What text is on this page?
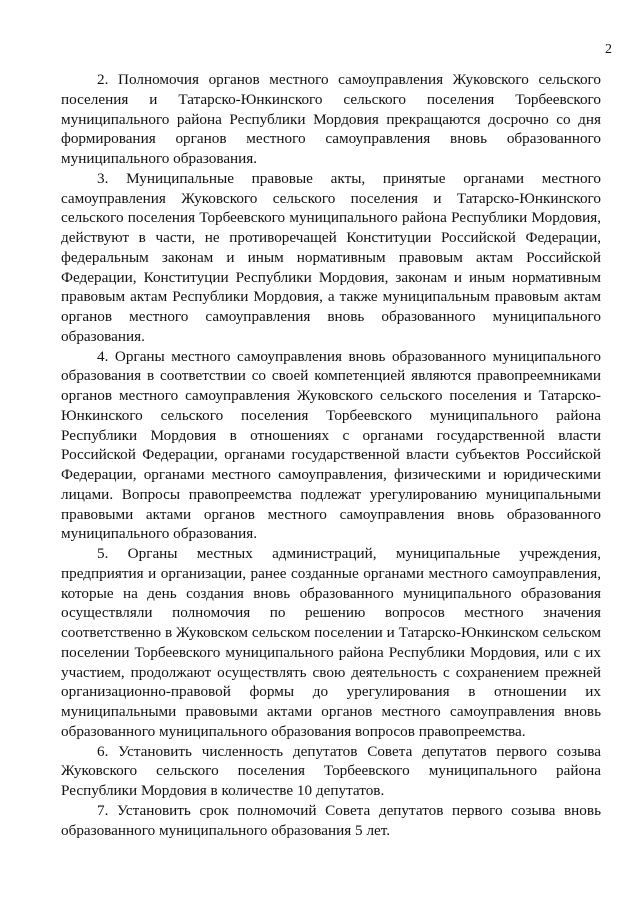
2

2. Полномочия органов местного самоуправления Жуковского сельского поселения и Татарско-Юнкинского сельского поселения Торбеевского муниципального района Республики Мордовия прекращаются досрочно со дня формирования органов местного самоуправления вновь образованного муниципального образования.

3. Муниципальные правовые акты, принятые органами местного самоуправления Жуковского сельского поселения и Татарско-Юнкинского сельского поселения Торбеевского муниципального района Республики Мордовия, действуют в части, не противоречащей Конституции Российской Федерации, федеральным законам и иным нормативным правовым актам Российской Федерации, Конституции Республики Мордовия, законам и иным нормативным правовым актам Республики Мордовия, а также муниципальным правовым актам органов местного самоуправления вновь образованного муниципального образования.

4. Органы местного самоуправления вновь образованного муниципального образования в соответствии со своей компетенцией являются правопреемниками органов местного самоуправления Жуковского сельского поселения и Татарско-Юнкинского сельского поселения Торбеевского муниципального района Республики Мордовия в отношениях с органами государственной власти Российской Федерации, органами государственной власти субъектов Российской Федерации, органами местного самоуправления, физическими и юридическими лицами. Вопросы правопреемства подлежат урегулированию муниципальными правовыми актами органов местного самоуправления вновь образованного муниципального образования.

5. Органы местных администраций, муниципальные учреждения, предприятия и организации, ранее созданные органами местного самоуправления, которые на день создания вновь образованного муниципального образования осуществляли полномочия по решению вопросов местного значения соответственно в Жуковском сельском поселении и Татарско-Юнкинском сельском поселении Торбеевского муниципального района Республики Мордовия, или с их участием, продолжают осуществлять свою деятельность с сохранением прежней организационно-правовой формы до урегулирования в отношении их муниципальными правовыми актами органов местного самоуправления вновь образованного муниципального образования вопросов правопреемства.

6. Установить численность депутатов Совета депутатов первого созыва Жуковского сельского поселения Торбеевского муниципального района Республики Мордовия в количестве 10 депутатов.

7. Установить срок полномочий Совета депутатов первого созыва вновь образованного муниципального образования 5 лет.
